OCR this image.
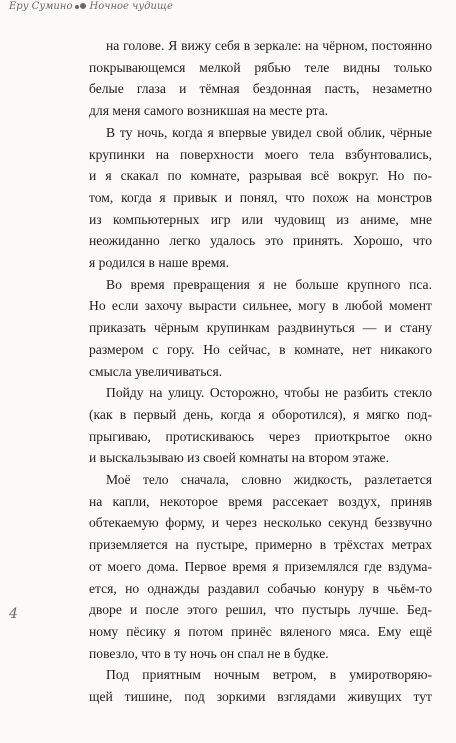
Еру Сумино Ночное чудище

на голове. Я вижу себя в зеркале: на чёрном, постоянно
покрывающемся мелкой рябью теле видны только
белые глаза и тёмная бездонная пасть, незаметно
для меня самого возникшая на месте рта.

В ту ночь, когда я впервые увидел свой облик, чёрные
крупинки на поверхности моего тела взбунтовались,
и я скакал по комнате, разрывая всё вокруг. Но по-
том, когда я привык и понял, что похож на монстров
из компьютерных игр или чудовищ из аниме, мне
неожиданно легко удалось это принять. Хорошо, что
я родился в наше время.

Во время превращения я не больше крупного пса.
Но если захочу вырасти сильнее, могу в любой момент
приказать чёрным крупинкам раздвинуться — и стану
размером с гору. Но сейчас, в комнате, нет никакого
смысла увеличиваться.

Пойду на улицу. Осторожно, чтобы не разбить стекло
(как в первый день, когда я оборотился), я мягко под-
прыгиваю, протискиваюсь через приоткрытое окно
и выскальзываю из своей комнаты на втором этаже.

Моё тело сначала, словно жидкость, разлетается
на капли, некоторое время рассекает воздух, приняв
обтекаемую форму, и через несколько секунд беззвучно
приземляется на пустыре, примерно в трёхстах метрах
от моего дома. Первое время я приземлялся где вздума-
ется, но однажды раздавил собачью конуру в чьём-то
дворе и после этого решил, что пустырь лучше. Бед-
ному пёсику я потом принёс вяленого мяса. Ему ещё
повезло, что в ту ночь он спал не в будке.

Под приятным ночным ветром, в умиротворяю-
щей тишине, под зоркими взглядами живущих тут

4
